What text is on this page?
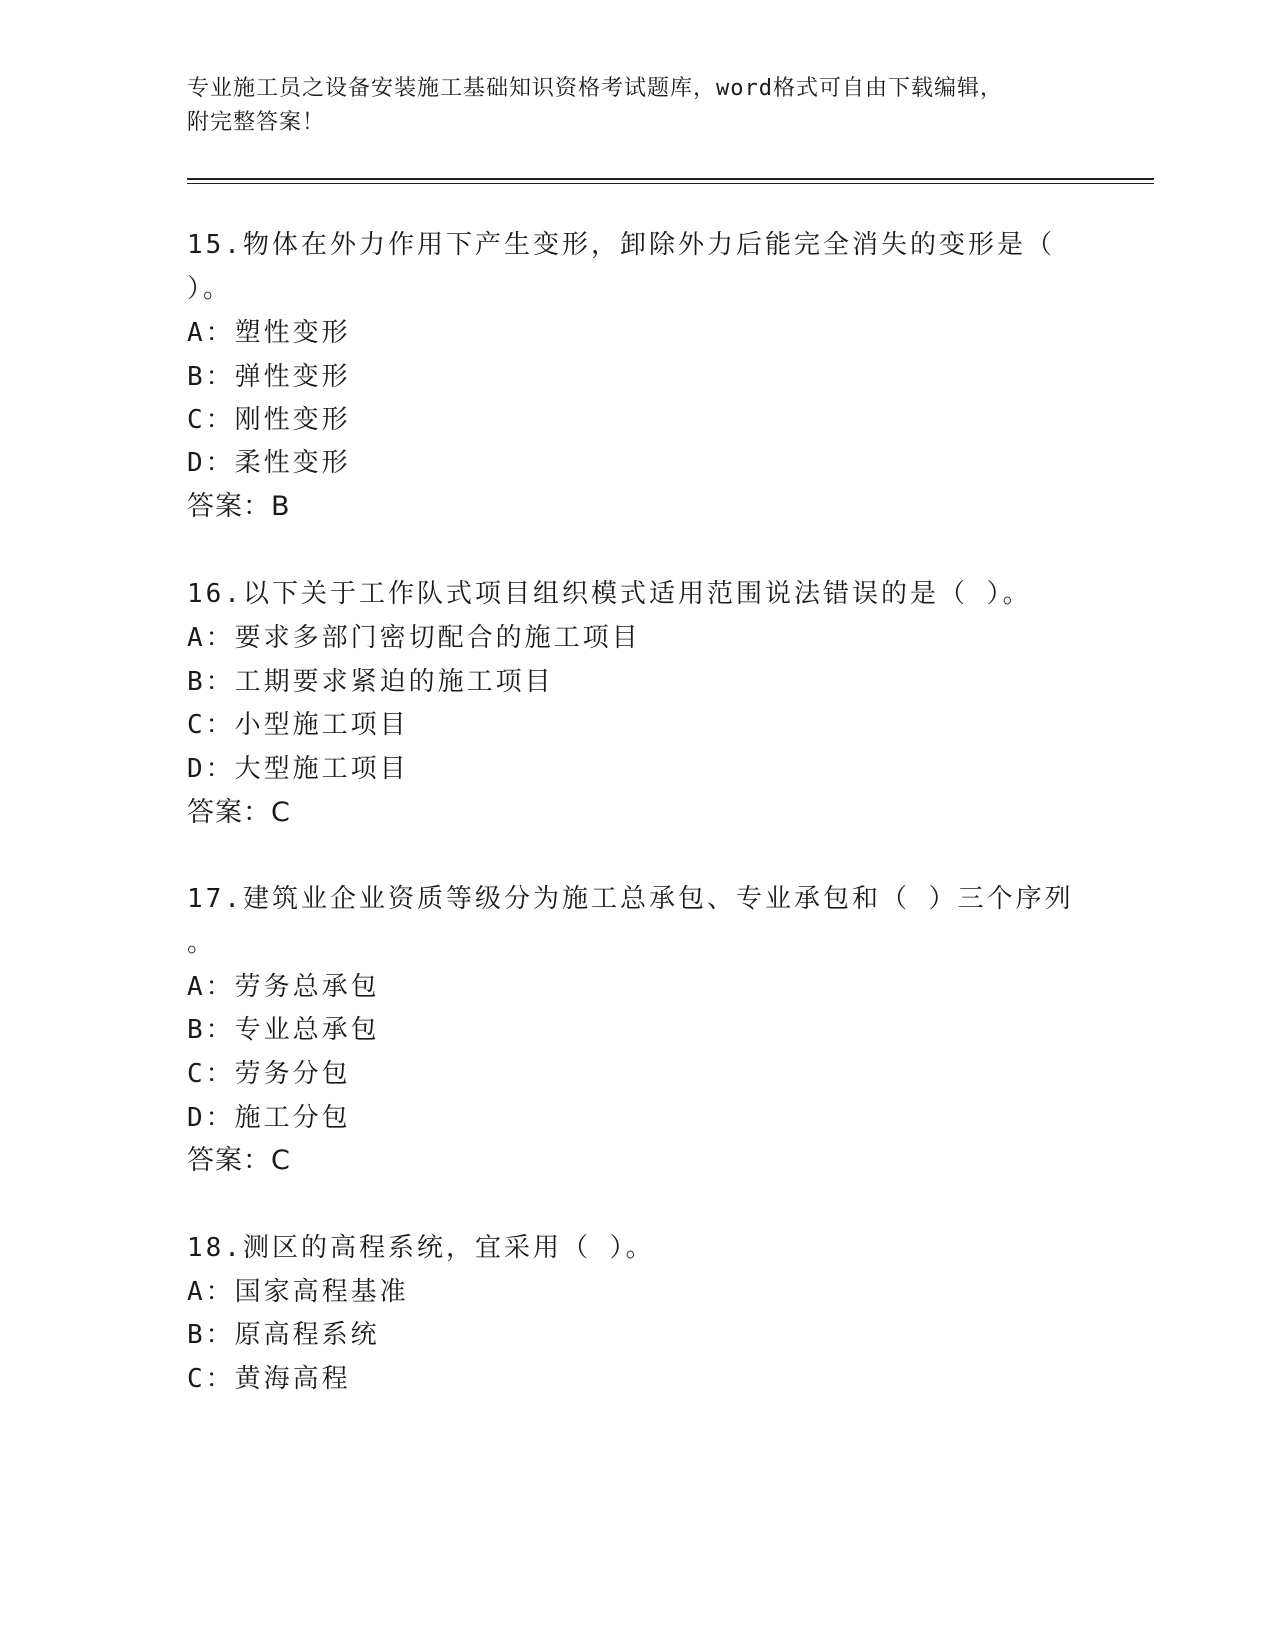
专业施工员之设备安装施工基础知识资格考试题库，word格式可自由下载编辑，
附完整答案！
15.物体在外力作用下产生变形，卸除外力后能完全消失的变形是（
）。
A：塑性变形
B：弹性变形
C：刚性变形
D：柔性变形
答案：B
16.以下关于工作队式项目组织模式适用范围说法错误的是（ ）。
A：要求多部门密切配合的施工项目
B：工期要求紧迫的施工项目
C：小型施工项目
D：大型施工项目
答案：C
17.建筑业企业资质等级分为施工总承包、专业承包和（ ）三个序列
。
A：劳务总承包
B：专业总承包
C：劳务分包
D：施工分包
答案：C
18.测区的高程系统，宜采用（ ）。
A：国家高程基准
B：原高程系统
C：黄海高程
